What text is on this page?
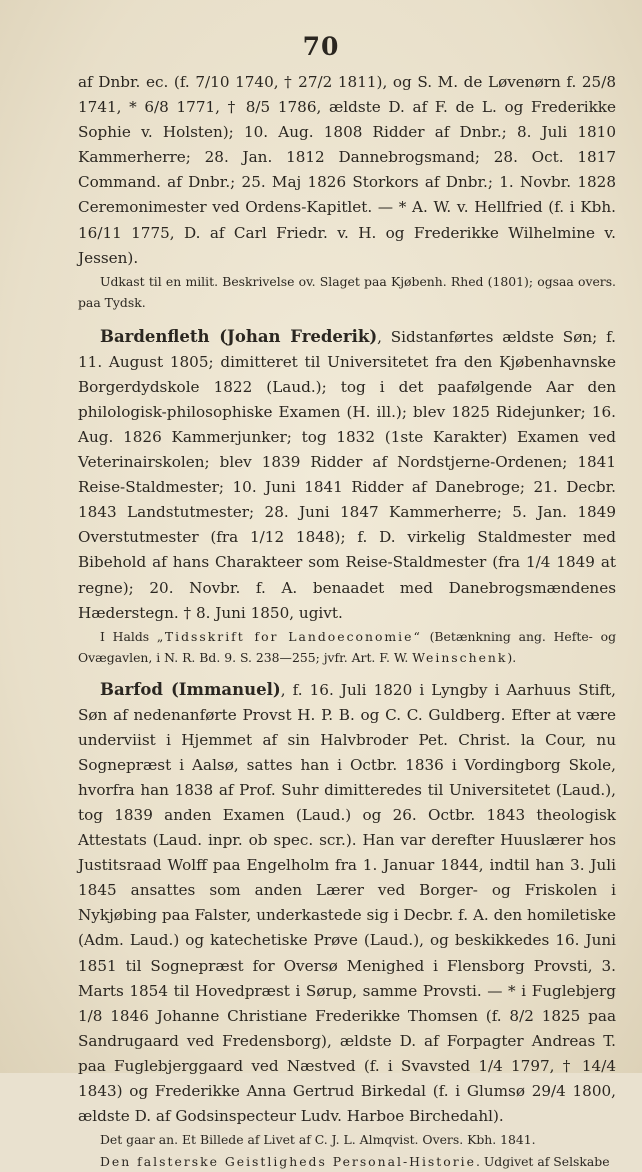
70

af Dnbr. ec. (f. 7/10 1740, † 27/2 1811), og S. M. de Løvenørn f. 25/8 1741, * 6/8 1771, † 8/5 1786, ældste D. af F. de L. og Frederikke Sophie v. Holsten); 10. Aug. 1808 Ridder af Dnbr.; 8. Juli 1810 Kammerherre; 28. Jan. 1812 Dannebrogsmand; 28. Oct. 1817 Command. af Dnbr.; 25. Maj 1826 Storkors af Dnbr.; 1. Novbr. 1828 Ceremonimester ved Ordens-Kapitlet. — * A. W. v. Hellfried (f. i Kbh. 16/11 1775, D. af Carl Friedr. v. H. og Frederikke Wilhelmine v. Jessen).

Udkast til en milit. Beskrivelse ov. Slaget paa Kjøbenh. Rhed (1801); ogsaa overs. paa Tydsk.

Bardenfleth (Johan Frederik), Sidstanførtes ældste Søn; f. 11. August 1805; dimitteret til Universitetet fra den Kjøbenhavnske Borgerdydskole 1822 (Laud.); tog i det paafølgende Aar den philologisk-philosophiske Examen (H. ill.); blev 1825 Ridejunker; 16. Aug. 1826 Kammerjunker; tog 1832 (1ste Karakter) Examen ved Veterinairskolen; blev 1839 Ridder af Nordstjerne-Ordenen; 1841 Reise-Staldmester; 10. Juni 1841 Ridder af Danebroge; 21. Decbr. 1843 Landstutmester; 28. Juni 1847 Kammerherre; 5. Jan. 1849 Overstutmester (fra 1/12 1848); f. D. virkelig Staldmester med Bibehold af hans Charakteer som Reise-Staldmester (fra 1/4 1849 at regne); 20. Novbr. f. A. benaadet med Danebrogsmændenes Hæderstegn. † 8. Juni 1850, ugivt.

I Halds „Tidsskrift for Landoeconomie“ (Betænkning ang. Hefte- og Ovægavlen, i N. R. Bd. 9. S. 238—255; jvfr. Art. F. W. Weinschenk).

Barfod (Immanuel), f. 16. Juli 1820 i Lyngby i Aarhuus Stift, Søn af nedenanførte Provst H. P. B. og C. C. Guldberg. Efter at være underviist i Hjemmet af sin Halvbroder Pet. Christ. la Cour, nu Sognepræst i Aalsø, sattes han i Octbr. 1836 i Vordingborg Skole, hvorfra han 1838 af Prof. Suhr dimitteredes til Universitetet (Laud.), tog 1839 anden Examen (Laud.) og 26. Octbr. 1843 theologisk Attestats (Laud. inpr. ob spec. scr.). Han var derefter Huuslærer hos Justitsraad Wolff paa Engelholm fra 1. Januar 1844, indtil han 3. Juli 1845 ansattes som anden Lærer ved Borger- og Friskolen i Nykjøbing paa Falster, underkastede sig i Decbr. f. A. den homiletiske (Adm. Laud.) og katechetiske Prøve (Laud.), og beskikkedes 16. Juni 1851 til Sognepræst for Oversø Menighed i Flensborg Provsti, 3. Marts 1854 til Hovedpræst i Sørup, samme Provsti. — * i Fuglebjerg 1/8 1846 Johanne Christiane Frederikke Thomsen (f. 8/2 1825 paa Sandrugaard ved Fredensborg), ældste D. af Forpagter Andreas T. paa Fuglebjerggaard ved Næstved (f. i Svavsted 1/4 1797, † 14/4 1843) og Frederikke Anna Gertrud Birkedal (f. i Glumsø 29/4 1800, ældste D. af Godsinspecteur Ludv. Harboe Birchedahl).

Det gaar an. Et Billede af Livet af C. J. L. Almqvist. Overs. Kbh. 1841.

Den falsterske Geistligheds Personal-Historie. Udgivet af Selskabe
